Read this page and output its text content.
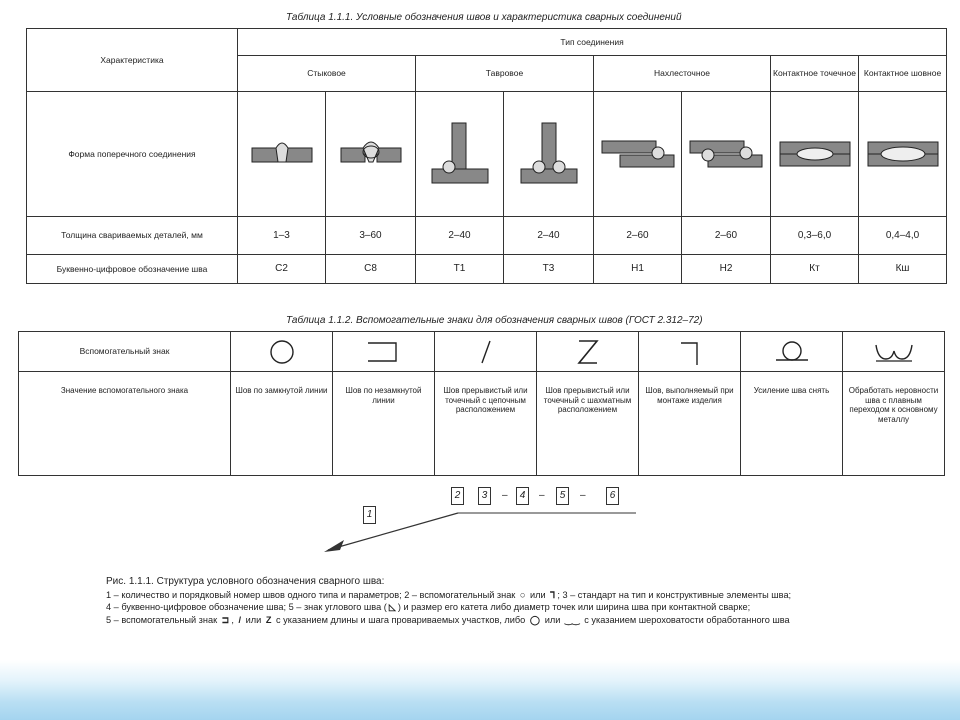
Таблица 1.1.1. Условные обозначения швов и характеристика сварных соединений
Характеристика	Тип соединения							
	Стыковое		Тавровое		Нахлесточное		Контактное точечное	Контактное шовное
Форма поперечного соединения	

Толщина свариваемых деталей, мм	1–3	3–60	2–40	2–40	2–60	2–60	0,3–6,0	0,4–4,0
Буквенно-цифровое обозначение шва	С2	С8	Т1	Т3	Н1	Н2	Кт	Кш
Таблица 1.1.2. Вспомогательные знаки для обозначения сварных швов (ГОСТ 2.312–72)
Вспомогательный знак	

Значение вспомогательного знака	Шов по замкнутой линии	Шов по незамкнутой линии	Шов прерывистый или точечный с цепочным расположением	Шов прерывистый или точечный с шахматным расположением	Шов, выполняемый при монтаже изделия	Усиление шва снять	Обработать неровности шва с плавным переходом к основному металлу
1
2	3	–	4	–	5	–	6
Рис. 1.1.1. Структура условного обозначения сварного шва:
1 – количество и порядковый номер швов одного типа и параметров; 2 – вспомогательный знак ○ или ⅂ ; 3 – стандарт на тип и конструктивные элементы шва;
4 – буквенно-цифровое обозначение шва; 5 – знак углового шва ( ◺ ) и размер его катета либо диаметр точек или ширина шва при контактной сварке;
5 – вспомогательный знак ⊐ , / или Z с указанием длины и шага провариваемых участков, либо ◯ или ‿‿ с указанием шероховатости обработанного шва
